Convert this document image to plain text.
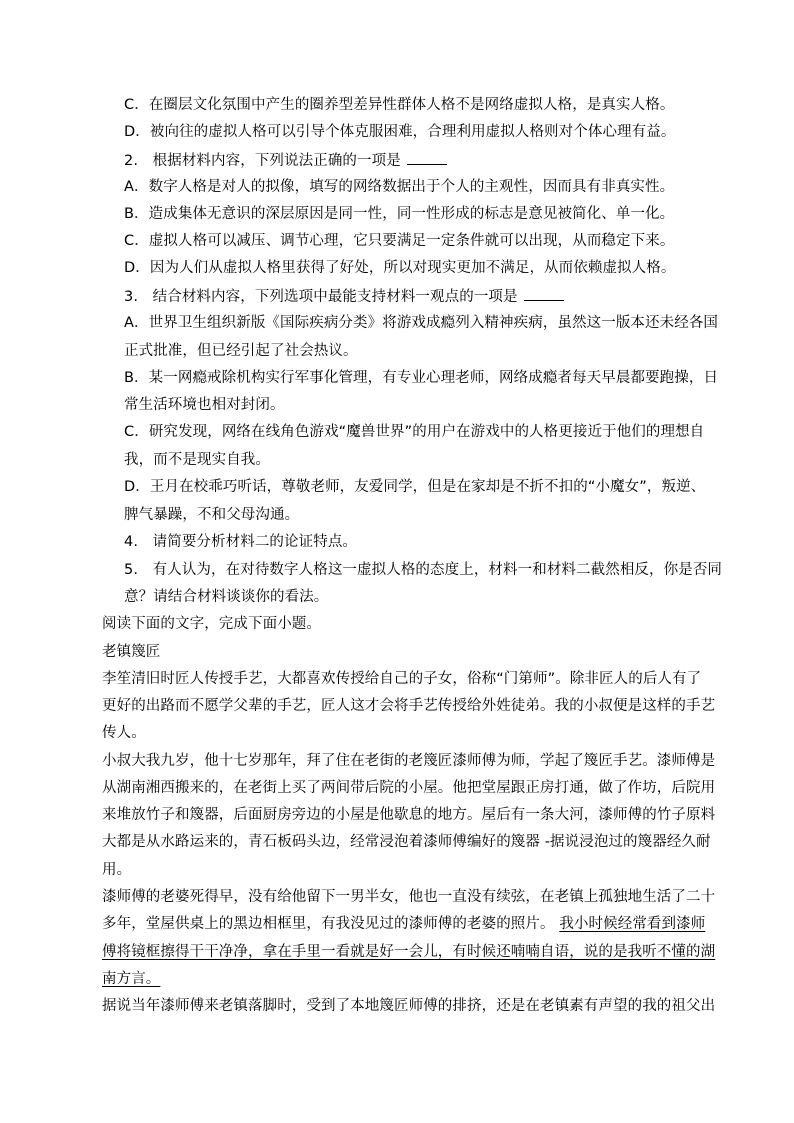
C．在圈层文化氛围中产生的圈养型差异性群体人格不是网络虚拟人格，是真实人格。
D．被向往的虚拟人格可以引导个体克服困难，合理利用虚拟人格则对个体心理有益。
2.　根据材料内容，下列说法正确的一项是
A．数字人格是对人的拟像，填写的网络数据出于个人的主观性，因而具有非真实性。
B．造成集体无意识的深层原因是同一性，同一性形成的标志是意见被简化、单一化。
C．虚拟人格可以减压、调节心理，它只要满足一定条件就可以出现，从而稳定下来。
D．因为人们从虚拟人格里获得了好处，所以对现实更加不满足，从而依赖虚拟人格。
3.　结合材料内容，下列选项中最能支持材料一观点的一项是
A．世界卫生组织新版《国际疾病分类》将游戏成瘾列入精神疾病，虽然这一版本还未经各国
正式批准，但已经引起了社会热议。
B．某一网瘾戒除机构实行军事化管理，有专业心理老师，网络成瘾者每天早晨都要跑操，日
常生活环境也相对封闭。
C．研究发现，网络在线角色游戏“魔兽世界”的用户在游戏中的人格更接近于他们的理想自
我，而不是现实自我。
D．王月在校乖巧听话，尊敬老师，友爱同学，但是在家却是不折不扣的“小魔女”，叛逆、
脾气暴躁，不和父母沟通。
4.　请简要分析材料二的论证特点。
5.　有人认为，在对待数字人格这一虚拟人格的态度上，材料一和材料二截然相反，你是否同
意？请结合材料谈谈你的看法。
阅读下面的文字，完成下面小题。
老镇篾匠
李笙清旧时匠人传授手艺，大都喜欢传授给自己的子女，俗称“门第师”。除非匠人的后人有了
更好的出路而不愿学父辈的手艺，匠人这才会将手艺传授给外姓徒弟。我的小叔便是这样的手艺
传人。
小叔大我九岁，他十七岁那年，拜了住在老街的老篾匠漆师傅为师，学起了篾匠手艺。漆师傅是
从湖南湘西搬来的，在老街上买了两间带后院的小屋。他把堂屋跟正房打通，做了作坊，后院用
来堆放竹子和篾器，后面厨房旁边的小屋是他歇息的地方。屋后有一条大河，漆师傅的竹子原料
大都是从水路运来的，青石板码头边，经常浸泡着漆师傅编好的篾器 -据说浸泡过的篾器经久耐
用。
漆师傅的老婆死得早，没有给他留下一男半女，他也一直没有续弦，在老镇上孤独地生活了二十
多年，堂屋供桌上的黑边相框里，有我没见过的漆师傅的老婆的照片。 我小时候经常看到漆师
傅将镜框擦得干干净净，拿在手里一看就是好一会儿，有时候还喃喃自语，说的是我听不懂的湖
南方言。
据说当年漆师傅来老镇落脚时，受到了本地篾匠师傅的排挤，还是在老镇素有声望的我的祖父出
